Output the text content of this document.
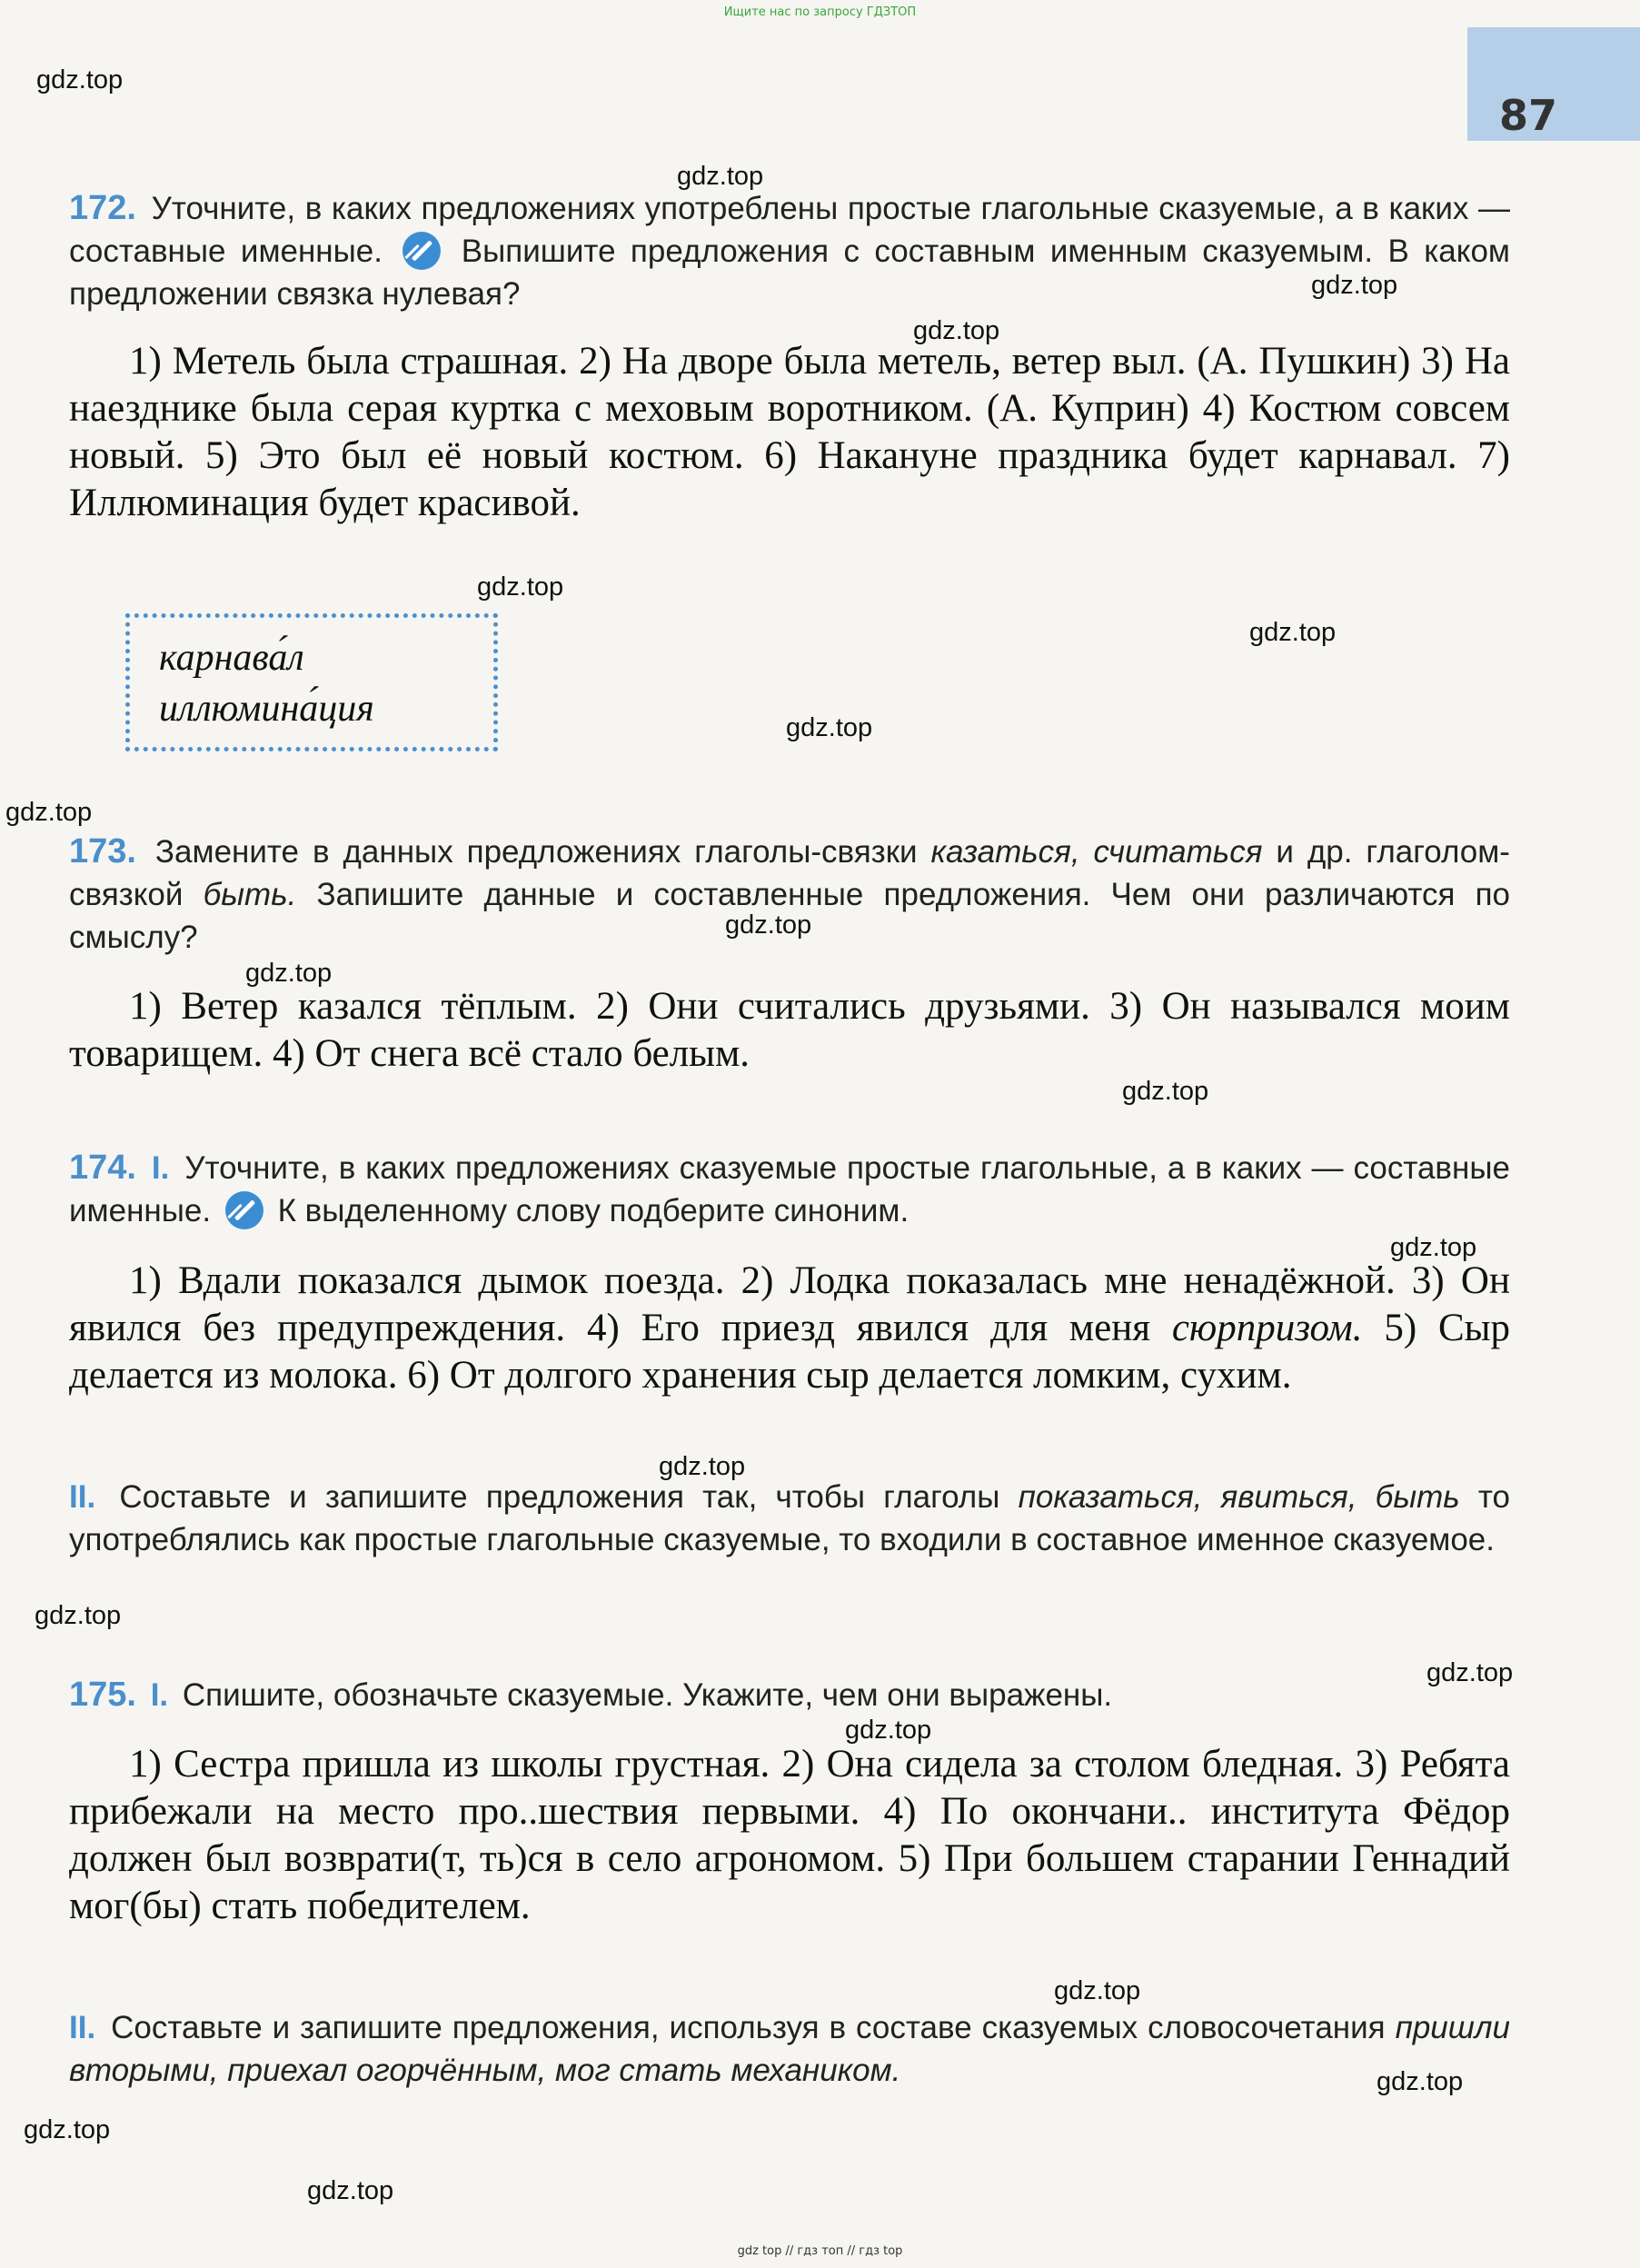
Ищите нас по запросу ГДЗТОП
87
gdz.top
gdz.top
gdz.top
gdz.top
gdz.top
gdz.top
gdz.top
gdz.top
gdz.top
gdz.top
gdz.top
gdz.top
gdz.top
gdz.top
gdz.top
gdz.top
gdz.top
gdz.top
gdz.top
gdz.top
172. Уточните, в каких предложениях употреблены простые глагольные сказуемые, а в каких — составные именные. Выпишите предложения с составным именным сказуемым. В каком предложении связка нулевая?

1) Метель была страшная. 2) На дворе была метель, ветер выл. (А. Пушкин) 3) На наезднике была серая куртка с меховым воротником. (А. Куприн) 4) Костюм совсем новый. 5) Это был её новый костюм. 6) Накануне праздника будет карнавал. 7) Иллюминация будет красивой.

карнава́л
иллюмина́ция
173. Замените в данных предложениях глаголы-связки казаться, считаться и др. глаголом-связкой быть. Запишите данные и составленные предложения. Чем они различаются по смыслу?

1) Ветер казался тёплым. 2) Они считались друзьями. 3) Он назывался моим товарищем. 4) От снега всё стало белым.

174. I. Уточните, в каких предложениях сказуемые простые глагольные, а в каких — составные именные. К выделенному слову подберите синоним.

1) Вдали показался дымок поезда. 2) Лодка показалась мне ненадёжной. 3) Он явился без предупреждения. 4) Его приезд явился для меня сюрпризом. 5) Сыр делается из молока. 6) От долгого хранения сыр делается ломким, сухим.

II. Составьте и запишите предложения так, чтобы глаголы показаться, явиться, быть то употреблялись как простые глагольные сказуемые, то входили в составное именное сказуемое.
175. I. Спишите, обозначьте сказуемые. Укажите, чем они выражены.

1) Сестра пришла из школы грустная. 2) Она сидела за столом бледная. 3) Ребята прибежали на место про..шествия первыми. 4) По окончани.. института Фёдор должен был возврати(т, ть)ся в село агрономом. 5) При большем старании Геннадий мог(бы) стать победителем.

II. Составьте и запишите предложения, используя в составе сказуемых словосочетания пришли вторыми, приехал огорчённым, мог стать механиком.
gdz top // гдз топ // гдз top
